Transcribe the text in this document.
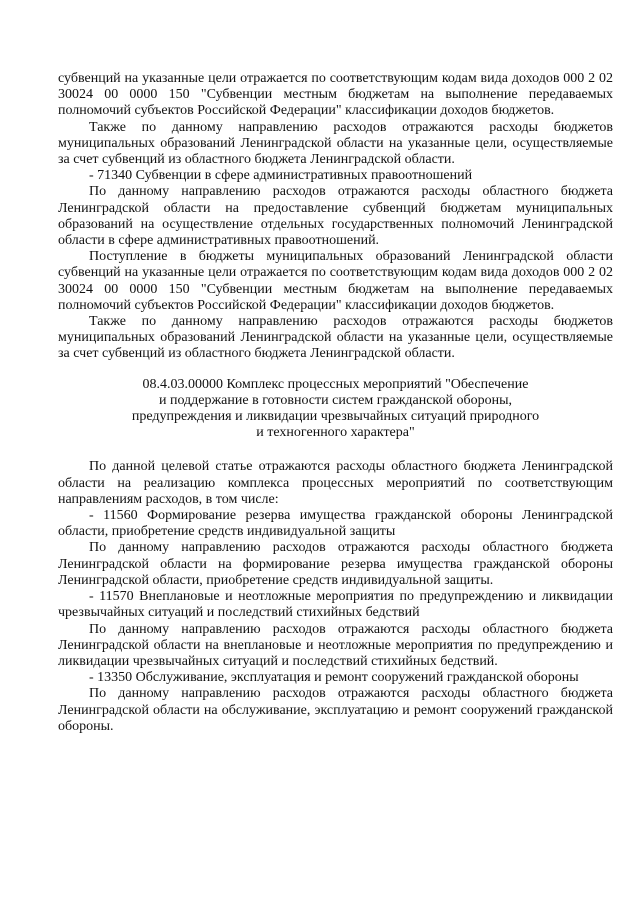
субвенций на указанные цели отражается по соответствующим кодам вида доходов 000 2 02 30024 00 0000 150 "Субвенции местным бюджетам на выполнение передаваемых полномочий субъектов Российской Федерации" классификации доходов бюджетов.

Также по данному направлению расходов отражаются расходы бюджетов муниципальных образований Ленинградской области на указанные цели, осуществляемые за счет субвенций из областного бюджета Ленинградской области.

- 71340 Субвенции в сфере административных правоотношений

По данному направлению расходов отражаются расходы областного бюджета Ленинградской области на предоставление субвенций бюджетам муниципальных образований на осуществление отдельных государственных полномочий Ленинградской области в сфере административных правоотношений.

Поступление в бюджеты муниципальных образований Ленинградской области субвенций на указанные цели отражается по соответствующим кодам вида доходов 000 2 02 30024 00 0000 150 "Субвенции местным бюджетам на выполнение передаваемых полномочий субъектов Российской Федерации" классификации доходов бюджетов.

Также по данному направлению расходов отражаются расходы бюджетов муниципальных образований Ленинградской области на указанные цели, осуществляемые за счет субвенций из областного бюджета Ленинградской области.

08.4.03.00000 Комплекс процессных мероприятий "Обеспечение
и поддержание в готовности систем гражданской обороны,
предупреждения и ликвидации чрезвычайных ситуаций природного
и техногенного характера"

По данной целевой статье отражаются расходы областного бюджета Ленинградской области на реализацию комплекса процессных мероприятий по соответствующим направлениям расходов, в том числе:

- 11560 Формирование резерва имущества гражданской обороны Ленинградской области, приобретение средств индивидуальной защиты

По данному направлению расходов отражаются расходы областного бюджета Ленинградской области на формирование резерва имущества гражданской обороны Ленинградской области, приобретение средств индивидуальной защиты.

- 11570 Внеплановые и неотложные мероприятия по предупреждению и ликвидации чрезвычайных ситуаций и последствий стихийных бедствий

По данному направлению расходов отражаются расходы областного бюджета Ленинградской области на внеплановые и неотложные мероприятия по предупреждению и ликвидации чрезвычайных ситуаций и последствий стихийных бедствий.

- 13350 Обслуживание, эксплуатация и ремонт сооружений гражданской обороны

По данному направлению расходов отражаются расходы областного бюджета Ленинградской области на обслуживание, эксплуатацию и ремонт сооружений гражданской обороны.
